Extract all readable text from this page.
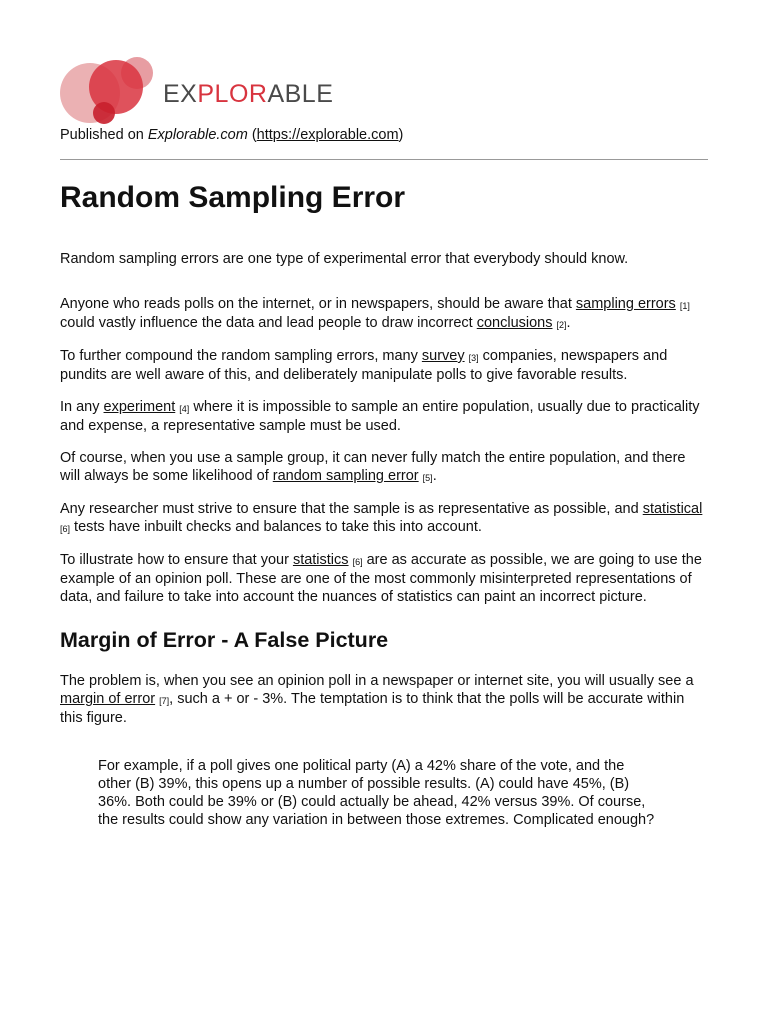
EXPLORABLE
Published on Explorable.com (https://explorable.com)
Random Sampling Error

Random sampling errors are one type of experimental error that everybody should know.

Anyone who reads polls on the internet, or in newspapers, should be aware that sampling errors [1] could vastly influence the data and lead people to draw incorrect conclusions [2].

To further compound the random sampling errors, many survey [3] companies, newspapers and pundits are well aware of this, and deliberately manipulate polls to give favorable results.

In any experiment [4] where it is impossible to sample an entire population, usually due to practicality and expense, a representative sample must be used.

Of course, when you use a sample group, it can never fully match the entire population, and there will always be some likelihood of random sampling error [5].

Any researcher must strive to ensure that the sample is as representative as possible, and statistical [6] tests have inbuilt checks and balances to take this into account.

To illustrate how to ensure that your statistics [6] are as accurate as possible, we are going to use the example of an opinion poll. These are one of the most commonly misinterpreted representations of data, and failure to take into account the nuances of statistics can paint an incorrect picture.

Margin of Error - A False Picture

The problem is, when you see an opinion poll in a newspaper or internet site, you will usually see a margin of error [7], such a + or - 3%. The temptation is to think that the polls will be accurate within this figure.

For example, if a poll gives one political party (A) a 42% share of the vote, and the other (B) 39%, this opens up a number of possible results. (A) could have 45%, (B) 36%. Both could be 39% or (B) could actually be ahead, 42% versus 39%. Of course, the results could show any variation in between those extremes. Complicated enough?
